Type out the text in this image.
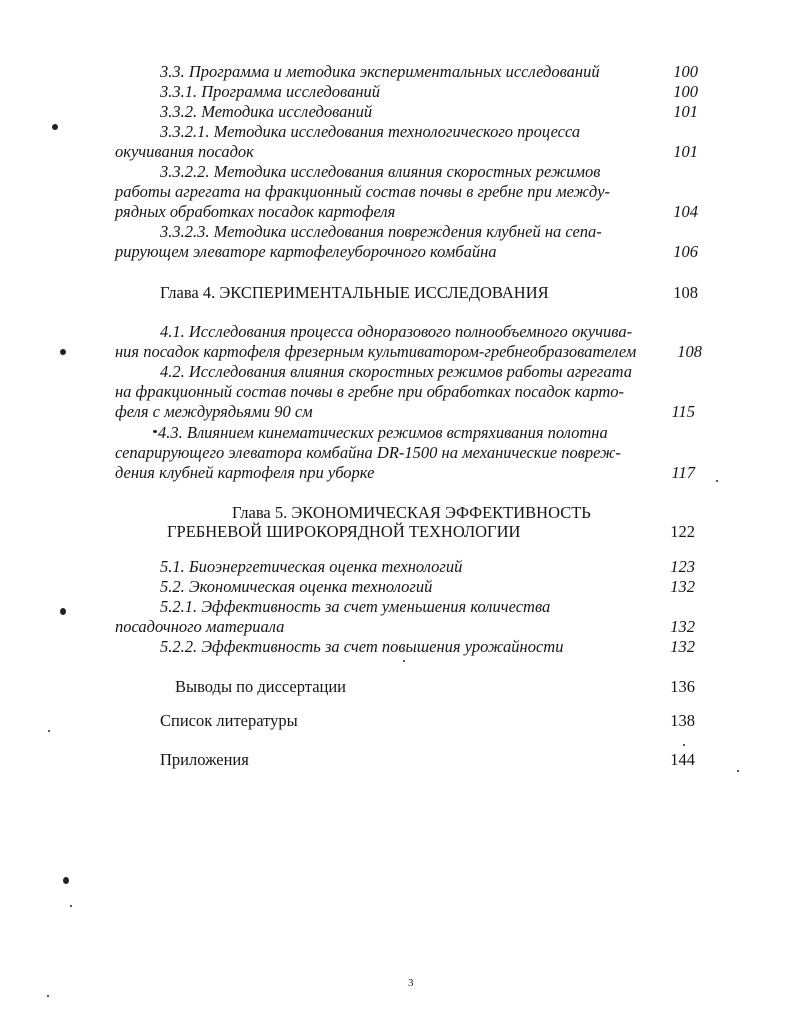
3.3. Программа и методика экспериментальных исследований	100
3.3.1. Программа исследований	100
3.3.2. Методика исследований	101
3.3.2.1. Методика исследования технологического процесса
окучивания посадок	101
3.3.2.2. Методика исследования влияния скоростных режимов
работы агрегата на фракционный состав почвы в гребне при междy-
рядных обработках посадок картофеля	104
3.3.2.3. Методика исследования повреждения клубней на сепа-
рирующем элеваторе картофелеуборочного комбайна	106
Глава 4. ЭКСПЕРИМЕНТАЛЬНЫЕ ИССЛЕДОВАНИЯ	108
4.1. Исследования процесса одноразового полнообъемного окучива-
ния посадок картофеля фрезерным культиватором-гребнеобразователем	108
4.2. Исследования влияния скоростных режимов работы агрегата
на фракционный состав почвы в гребне при обработках посадок карто-
феля с междурядьями 90 см	115
4.3. Влиянием кинематических режимов встряхивания полотна
сепарирующего элеватора комбайна DR-1500 на механические повреж-
дения клубней картофеля при уборке	117
Глава 5. ЭКОНОМИЧЕСКАЯ ЭФФЕКТИВНОСТЬ
ГРЕБНЕВОЙ ШИРОКОРЯДНОЙ ТЕХНОЛОГИИ	122
5.1. Биоэнергетическая оценка технологий	123
5.2. Экономическая оценка технологий	132
5.2.1. Эффективность за счет уменьшения количества
посадочного материала	132
5.2.2. Эффективность за счет повышения урожайности	132
Выводы по диссертации	136
Список литературы	138
Приложения	144
3
